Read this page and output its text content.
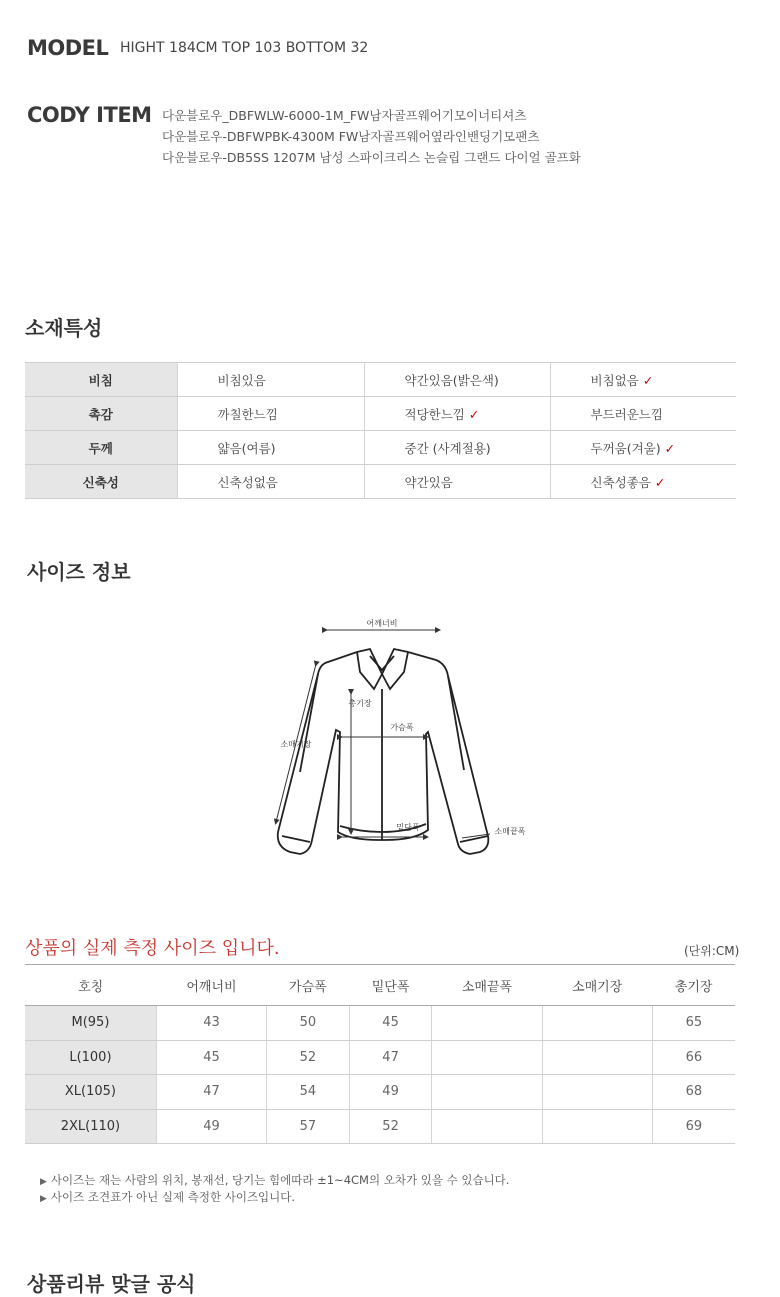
MODEL HIGHT 184CM TOP 103 BOTTOM 32
CODY ITEM 다운블로우_DBFWLW-6000-1M_FW남자골프웨어기모이너티셔츠
다운블로우-DBFWPBK-4300M FW남자골프웨어옆라인밴딩기모팬츠
다운블로우-DB5SS 1207M 남성 스파이크리스 논슬립 그랜드 다이얼 골프화
소재특성
비침	비침있음	약간있음(밝은색)	비침없음 ✓
촉감	까칠한느낌	적당한느낌 ✓	부드러운느낌
두께	얇음(여름)	중간 (사계절용)	두꺼움(겨울) ✓
신축성	신축성없음	약간있음	신축성좋음 ✓
사이즈 정보
어깨너비
총기장
가슴폭
소매기장
밑단폭	소매끝폭
상품의 실제 측정 사이즈 입니다.	(단위:CM)
호칭	어깨너비	가슴폭	밑단폭	소매끝폭	소매기장	총기장
M(95)	43	50	45			65
L(100)	45	52	47			66
XL(105)	47	54	49			68
2XL(110)	49	57	52			69
▶ 사이즈는 재는 사람의 위치, 봉재선, 당기는 힘에따라 ±1~4CM의 오차가 있을 수 있습니다.
▶ 사이즈 조견표가 아닌 실제 측정한 사이즈입니다.
상품리뷰 맞글 공식
